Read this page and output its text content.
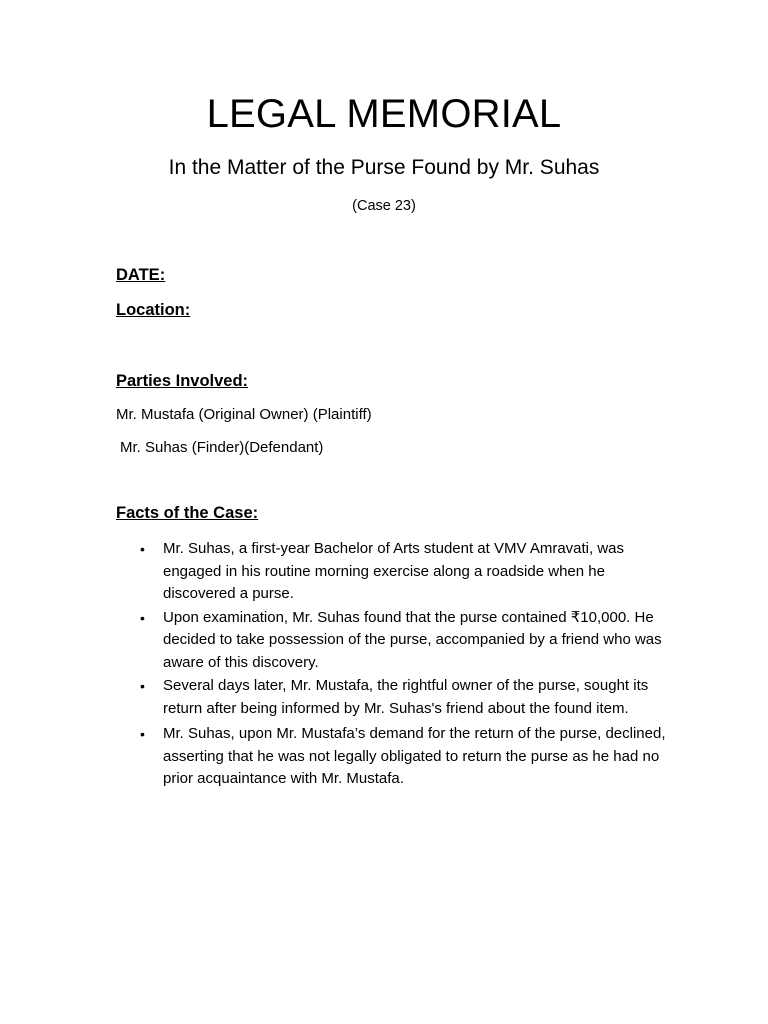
LEGAL MEMORIAL

In the Matter of the Purse Found by Mr. Suhas

(Case 23)

DATE:

Location:

Parties Involved:

Mr. Mustafa (Original Owner) (Plaintiff)

Mr. Suhas (Finder)(Defendant)

Facts of the Case:

• Mr. Suhas, a first-year Bachelor of Arts student at VMV Amravati, was engaged in his routine morning exercise along a roadside when he discovered a purse.
• Upon examination, Mr. Suhas found that the purse contained ₹10,000. He decided to take possession of the purse, accompanied by a friend who was aware of this discovery.
• Several days later, Mr. Mustafa, the rightful owner of the purse, sought its return after being informed by Mr. Suhas's friend about the found item.
• Mr. Suhas, upon Mr. Mustafa’s demand for the return of the purse, declined, asserting that he was not legally obligated to return the purse as he had no prior acquaintance with Mr. Mustafa.
